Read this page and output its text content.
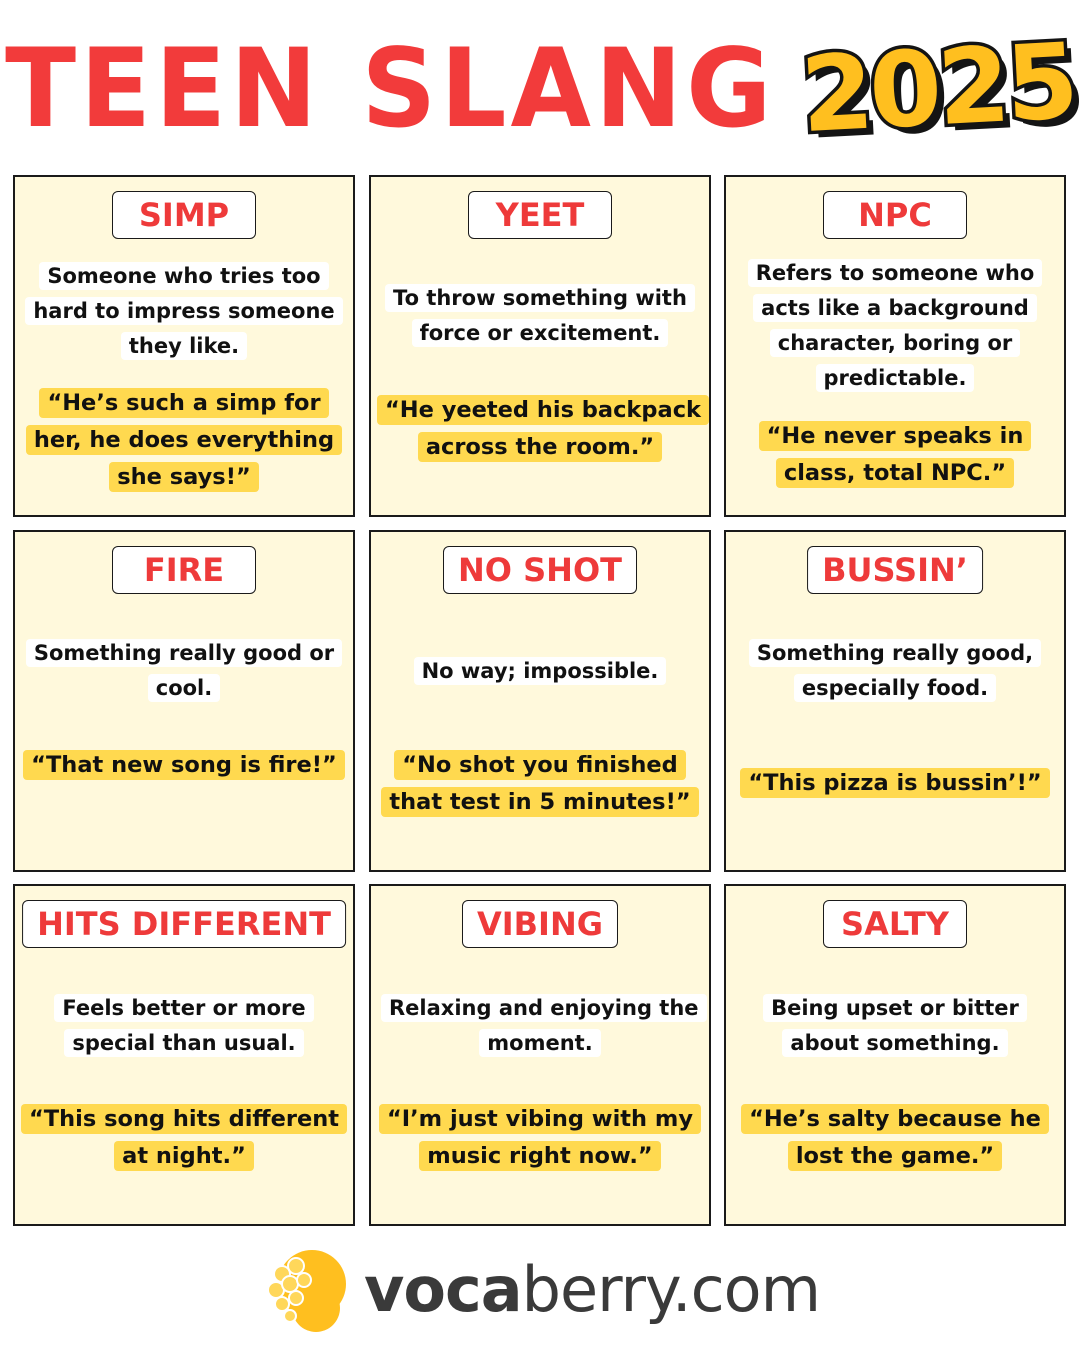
TEEN SLANG 2025
SIMP
Someone who tries too hard to impress someone they like.
“He’s such a simp for her, he does everything she says!”
YEET
To throw something with force or excitement.
“He yeeted his backpack across the room.”
NPC
Refers to someone who acts like a background character, boring or predictable.
“He never speaks in class, total NPC.”
FIRE
Something really good or cool.
“That new song is fire!”
NO SHOT
No way; impossible.
“No shot you finished that test in 5 minutes!”
BUSSIN’
Something really good, especially food.
“This pizza is bussin’!”
HITS DIFFERENT
Feels better or more special than usual.
“This song hits different at night.”
VIBING
Relaxing and enjoying the moment.
“I’m just vibing with my music right now.”
SALTY
Being upset or bitter about something.
“He’s salty because he lost the game.”
vocaberry.com
